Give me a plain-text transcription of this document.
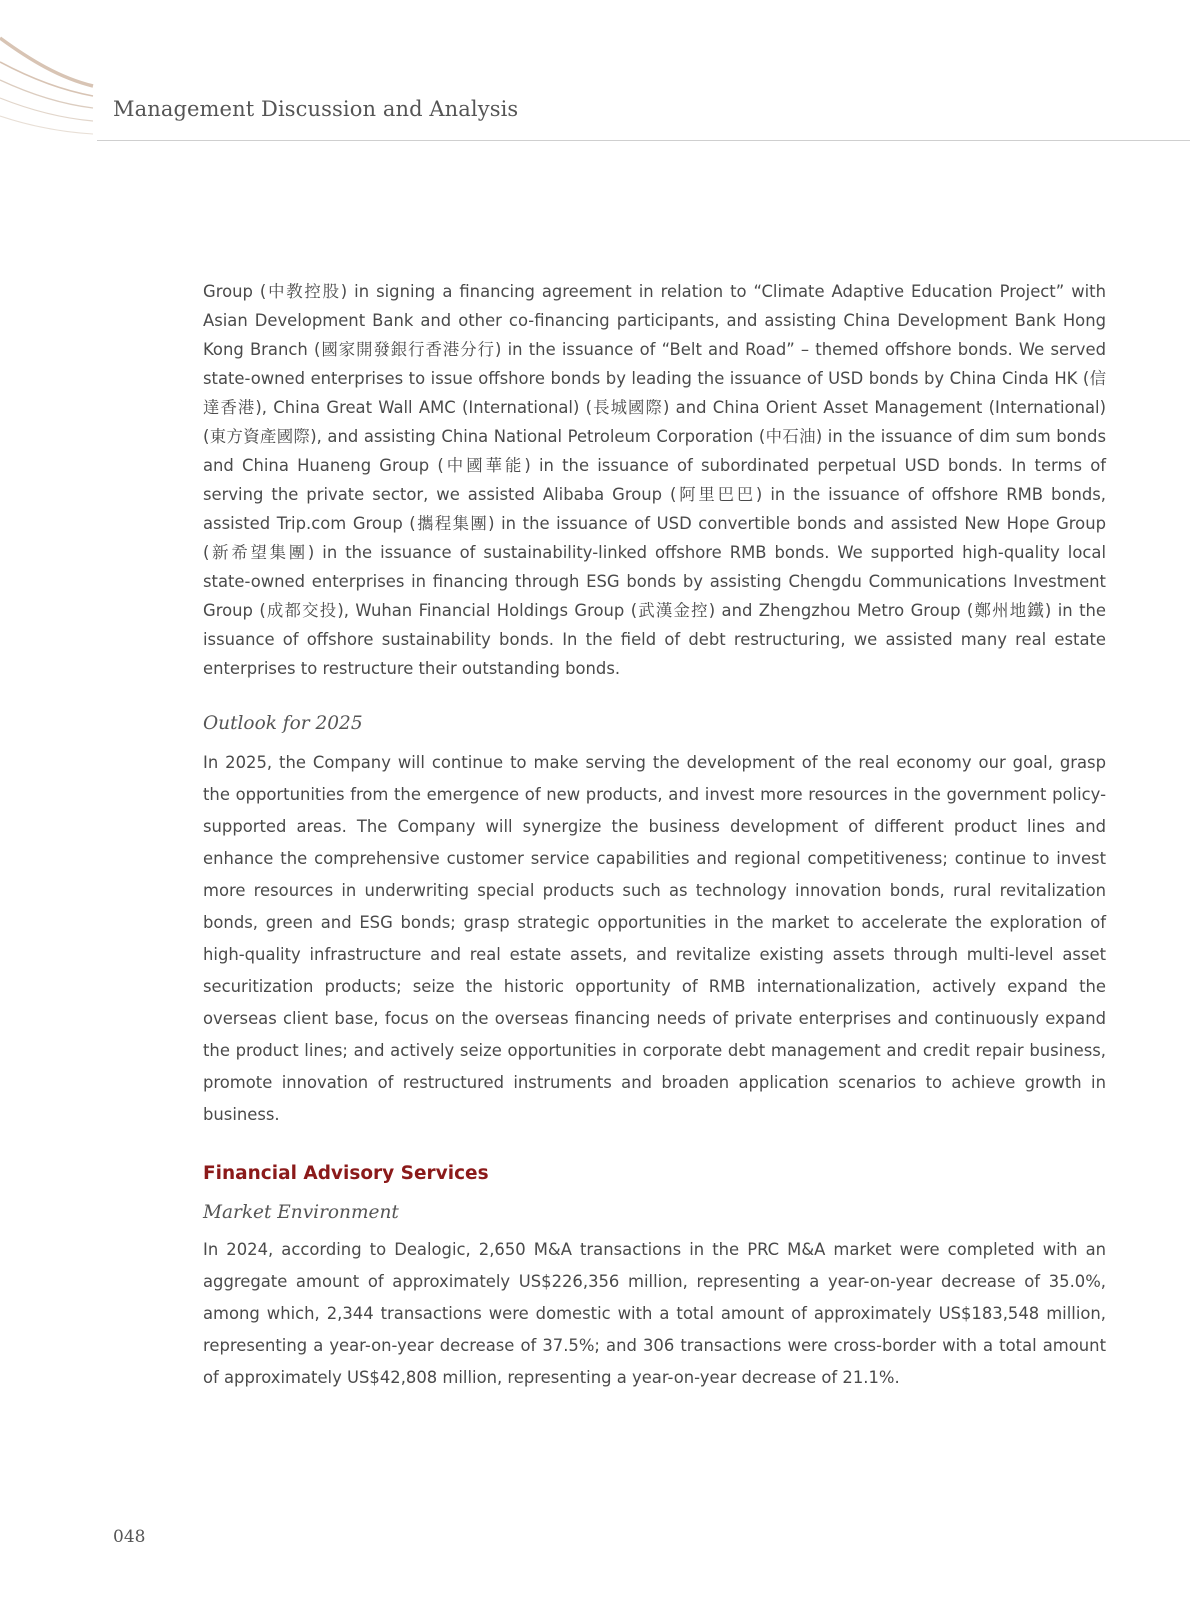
Management Discussion and Analysis

Group (中教控股) in signing a financing agreement in relation to “Climate Adaptive Education Project” with Asian Development Bank and other co-financing participants, and assisting China Development Bank Hong Kong Branch (國家開發銀行香港分行) in the issuance of “Belt and Road” – themed offshore bonds. We served state-owned enterprises to issue offshore bonds by leading the issuance of USD bonds by China Cinda HK (信達香港), China Great Wall AMC (International) (長城國際) and China Orient Asset Management (International) (東方資產國際), and assisting China National Petroleum Corporation (中石油) in the issuance of dim sum bonds and China Huaneng Group (中國華能) in the issuance of subordinated perpetual USD bonds. In terms of serving the private sector, we assisted Alibaba Group (阿里巴巴) in the issuance of offshore RMB bonds, assisted Trip.com Group (攜程集團) in the issuance of USD convertible bonds and assisted New Hope Group (新希望集團) in the issuance of sustainability-linked offshore RMB bonds. We supported high-quality local state-owned enterprises in financing through ESG bonds by assisting Chengdu Communications Investment Group (成都交投), Wuhan Financial Holdings Group (武漢金控) and Zhengzhou Metro Group (鄭州地鐵) in the issuance of offshore sustainability bonds. In the field of debt restructuring, we assisted many real estate enterprises to restructure their outstanding bonds.

Outlook for 2025

In 2025, the Company will continue to make serving the development of the real economy our goal, grasp the opportunities from the emergence of new products, and invest more resources in the government policy-supported areas. The Company will synergize the business development of different product lines and enhance the comprehensive customer service capabilities and regional competitiveness; continue to invest more resources in underwriting special products such as technology innovation bonds, rural revitalization bonds, green and ESG bonds; grasp strategic opportunities in the market to accelerate the exploration of high-quality infrastructure and real estate assets, and revitalize existing assets through multi-level asset securitization products; seize the historic opportunity of RMB internationalization, actively expand the overseas client base, focus on the overseas financing needs of private enterprises and continuously expand the product lines; and actively seize opportunities in corporate debt management and credit repair business, promote innovation of restructured instruments and broaden application scenarios to achieve growth in business.

Financial Advisory Services
Market Environment

In 2024, according to Dealogic, 2,650 M&A transactions in the PRC M&A market were completed with an aggregate amount of approximately US$226,356 million, representing a year-on-year decrease of 35.0%, among which, 2,344 transactions were domestic with a total amount of approximately US$183,548 million, representing a year-on-year decrease of 37.5%; and 306 transactions were cross-border with a total amount of approximately US$42,808 million, representing a year-on-year decrease of 21.1%.

048
